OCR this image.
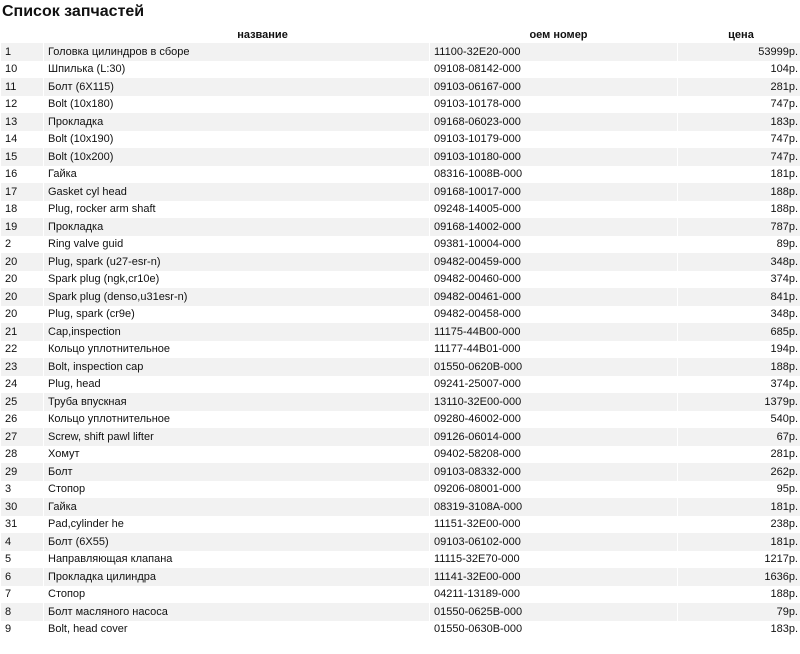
Список запчастей
	название	оем номер	цена
1	Головка цилиндров в сборе	11100-32E20-000	53999р.
10	Шпилька (L:30)	09108-08142-000	104р.
11	Болт (6X115)	09103-06167-000	281р.
12	Bolt (10x180)	09103-10178-000	747р.
13	Прокладка	09168-06023-000	183р.
14	Bolt (10x190)	09103-10179-000	747р.
15	Bolt (10x200)	09103-10180-000	747р.
16	Гайка	08316-1008B-000	181р.
17	Gasket cyl head	09168-10017-000	188р.
18	Plug, rocker arm shaft	09248-14005-000	188р.
19	Прокладка	09168-14002-000	787р.
2	Ring valve guid	09381-10004-000	89р.
20	Plug, spark (u27-esr-n)	09482-00459-000	348р.
20	Spark plug (ngk,cr10e)	09482-00460-000	374р.
20	Spark plug (denso,u31esr-n)	09482-00461-000	841р.
20	Plug, spark (cr9e)	09482-00458-000	348р.
21	Cap,inspection	11175-44B00-000	685р.
22	Кольцо уплотнительное	11177-44B01-000	194р.
23	Bolt, inspection cap	01550-0620B-000	188р.
24	Plug, head	09241-25007-000	374р.
25	Труба впускная	13110-32E00-000	1379р.
26	Кольцо уплотнительное	09280-46002-000	540р.
27	Screw, shift pawl lifter	09126-06014-000	67р.
28	Хомут	09402-58208-000	281р.
29	Болт	09103-08332-000	262р.
3	Стопор	09206-08001-000	95р.
30	Гайка	08319-3108A-000	181р.
31	Pad,cylinder he	11151-32E00-000	238р.
4	Болт (6X55)	09103-06102-000	181р.
5	Направляющая клапана	11115-32E70-000	1217р.
6	Прокладка цилиндра	11141-32E00-000	1636р.
7	Стопор	04211-13189-000	188р.
8	Болт масляного насоса	01550-0625B-000	79р.
9	Bolt, head cover	01550-0630B-000	183р.
